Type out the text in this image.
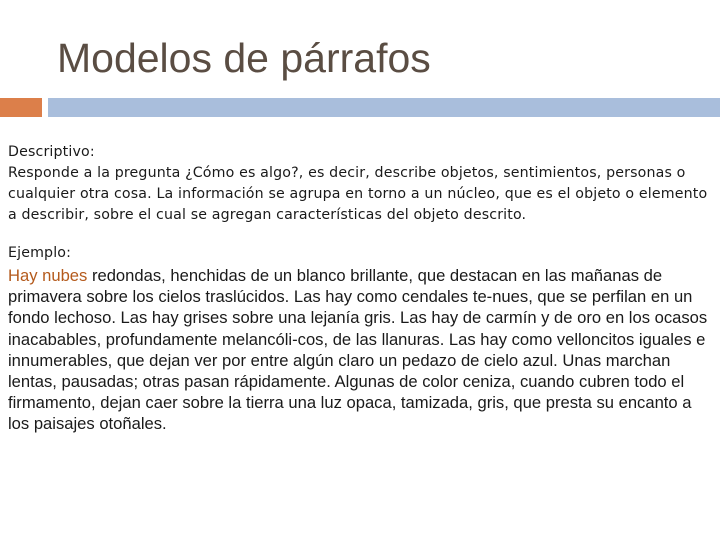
Modelos de párrafos

Descriptivo:

Responde a la pregunta ¿Cómo es algo?, es decir, describe objetos, sentimientos, personas o cualquier otra cosa. La información se agrupa en torno a un núcleo, que es el objeto o elemento a describir, sobre el cual se agregan características del objeto descrito.

Ejemplo:
Hay nubes redondas, henchidas de un blanco brillante, que destacan en las mañanas de primavera sobre los cielos traslúcidos. Las hay como cendales te-nues, que se perfilan en un fondo lechoso. Las hay grises sobre una lejanía gris. Las hay de carmín y de oro en los ocasos inacabables, profundamente melancóli-cos, de las llanuras. Las hay como velloncitos iguales e innumerables, que dejan ver por entre algún claro un pedazo de cielo azul. Unas marchan lentas, pausadas; otras pasan rápidamente. Algunas de color ceniza, cuando cubren todo el firmamento, dejan caer sobre la tierra una luz opaca, tamizada, gris, que presta su encanto a los paisajes otoñales.
